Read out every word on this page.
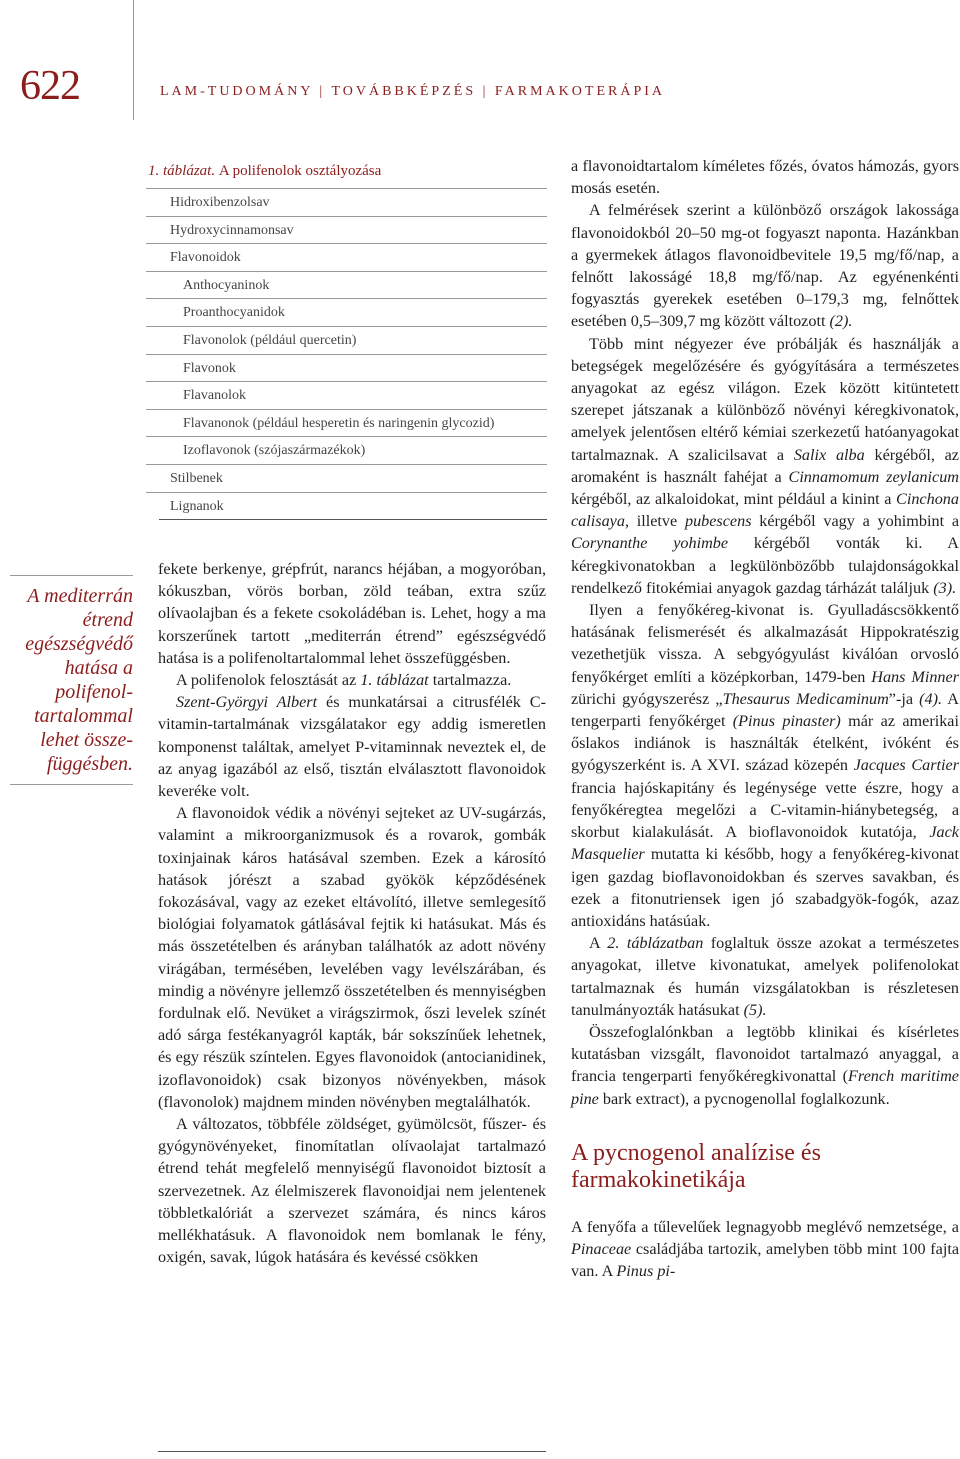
622	LAM-TUDOMÁNY | TOVÁBBKÉPZÉS | FARMAKOTERÁPIA
A mediterrán étrend egészségvédő hatása a polifenol-tartalommal lehet össze-függésben.
1. táblázat. A polifenolok osztályozása
Hidroxibenzolsav
Hydroxycinnamonsav
Flavonoidok
Anthocyaninok
Proanthocyanidok
Flavonolok (például quercetin)
Flavonok
Flavanolok
Flavanonok (például hesperetin és naringenin glycozid)
Izoflavonok (szójaszármazékok)
Stilbenek
Lignanok

fekete berkenye, grépfrút, narancs héjában, a mogyoróban, kókuszban, vörös borban, zöld teában, extra szűz olívaolajban és a fekete csokoládéban is. Lehet, hogy a ma korszerűnek tartott „mediterrán étrend” egészségvédő hatása is a polifenoltartalommal lehet összefüggésben.

A polifenolok felosztását az 1. táblázat tartalmazza.

Szent-Györgyi Albert és munkatársai a citrusfélék C-vitamin-tartalmának vizsgálatakor egy addig ismeretlen komponenst találtak, amelyet P-vitaminnak neveztek el, de az anyag igazából az első, tisztán elválasztott flavonoidok keveréke volt.

A flavonoidok védik a növényi sejteket az UV-sugárzás, valamint a mikroorganizmusok és a rovarok, gombák toxinjainak káros hatásával szemben. Ezek a károsító hatások jórészt a szabad gyökök képződésének fokozásával, vagy az ezeket eltávolító, illetve semlegesítő biológiai folyamatok gátlásával fejtik ki hatásukat. Más és más összetételben és arányban találhatók az adott növény virágában, termésében, levelében vagy levélszárában, és mindig a növényre jellemző összetételben és mennyiségben fordulnak elő. Nevüket a virágszirmok, őszi levelek színét adó sárga festékanyagról kapták, bár sokszínűek lehetnek, és egy részük színtelen. Egyes flavonoidok (antocianidinek, izoflavonoidok) csak bizonyos növényekben, mások (flavonolok) majdnem minden növényben megtalálhatók.

A változatos, többféle zöldséget, gyümölcsöt, fűszer- és gyógynövényeket, finomítatlan olívaolajat tartalmazó étrend tehát megfelelő mennyiségű flavonoidot biztosít a szervezetnek. Az élelmiszerek flavonoidjai nem jelentenek többletkalóriát a szervezet számára, és nincs káros mellékhatásuk. A flavonoidok nem bomlanak le fény, oxigén, savak, lúgok hatására és kevéssé csökken

a flavonoidtartalom kíméletes főzés, óvatos hámozás, gyors mosás esetén.

A felmérések szerint a különböző országok lakossága flavonoidokból 20–50 mg-ot fogyaszt naponta. Hazánkban a gyermekek átlagos flavonoidbevitele 19,5 mg/fő/nap, a felnőtt lakosságé 18,8 mg/fő/nap. Az egyénenkénti fogyasztás gyerekek esetében 0–179,3 mg, felnőttek esetében 0,5–309,7 mg között változott (2).

Több mint négyezer éve próbálják és használják a betegségek megelőzésére és gyógyítására a természetes anyagokat az egész világon. Ezek között kitüntetett szerepet játszanak a különböző növényi kéregkivonatok, amelyek jelentősen eltérő kémiai szerkezetű hatóanyagokat tartalmaznak. A szalicilsavat a Salix alba kérgéből, az aromaként is használt fahéjat a Cinnamomum zeylanicum kérgéből, az alkaloidokat, mint például a kinint a Cinchona calisaya, illetve pubescens kérgéből vagy a yohimbint a Corynanthe yohimbe kérgéből vonták ki. A kéregkivonatokban a legkülönbözőbb tulajdonságokkal rendelkező fitokémiai anyagok gazdag tárházát találjuk (3).

Ilyen a fenyőkéreg-kivonat is. Gyulladáscsökkentő hatásának felismerését és alkalmazását Hippokratészig vezethetjük vissza. A sebgyógyulást kiválóan orvosló fenyőkérget említi a középkorban, 1479-ben Hans Minner zürichi gyógyszerész „Thesaurus Medicaminum”-ja (4). A tengerparti fenyőkérget (Pinus pinaster) már az amerikai őslakos indiánok is használták ételként, ivóként és gyógyszerként is. A XVI. század közepén Jacques Cartier francia hajóskapitány és legénysége vette észre, hogy a fenyőkéregtea megelőzi a C-vitamin-hiánybetegség, a skorbut kialakulását. A bioflavonoidok kutatója, Jack Masquelier mutatta ki később, hogy a fenyőkéreg-kivonat igen gazdag bioflavonoidokban és szerves savakban, és ezek a fitonutriensek igen jó szabadgyök-fogók, azaz antioxidáns hatásúak.

A 2. táblázatban foglaltuk össze azokat a természetes anyagokat, illetve kivonatukat, amelyek polifenolokat tartalmaznak és humán vizsgálatokban is részletesen tanulmányozták hatásukat (5).

Összefoglalónkban a legtöbb klinikai és kísérletes kutatásban vizsgált, flavonoidot tartalmazó anyaggal, a francia tengerparti fenyőkéregkivonattal (French maritime pine bark extract), a pycnogenollal foglalkozunk.

A pycnogenol analízise és farmakokinetikája

A fenyőfa a tűlevelűek legnagyobb meglévő nemzetsége, a Pinaceae családjába tartozik, amelyben több mint 100 fajta van. A Pinus pi-
